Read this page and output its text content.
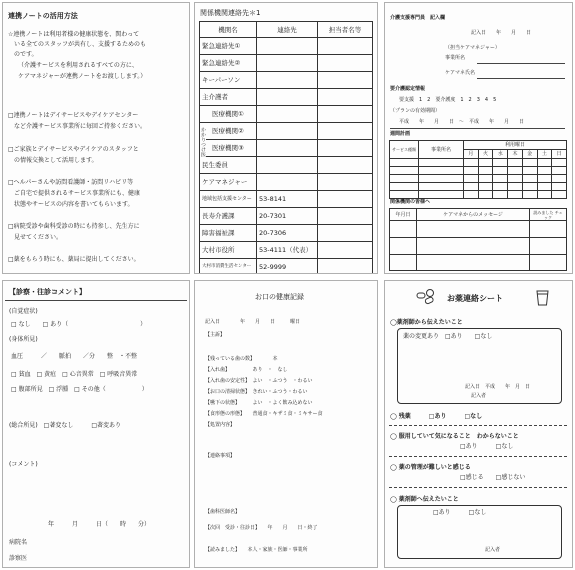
連携ノートの活用方法
☆連携ノートは利用者様の健康状態を、関わって
いる全てのスタッフが共有し、支援するためのも
のです。
（介護サービスを利用されるすべての方に、
ケアマネジャーが連携ノートをお渡しします。）
□連携ノートはデイサービスやデイケアセンター
など介護サービス事業所に毎回ご持参ください。
□ご家族とデイサービスやデイケアのスタッフと
の情報交換として活用します。
□ヘルパーさんや訪問看護師・訪問リハビリ等
ご自宅で提供されるサービス事業所にも、健康
状態やサービスの内容を書いてもらいます。
□病院受診や歯科受診の時にも持参し、先生方に
見せてください。
□薬をもらう時にも、薬局に提出してください。
関係機関連絡先＊1
機関名	連絡先	担当者名等
緊急連絡先①		
緊急連絡先②		
キーパーソン		
主介護者		
医療機関①		
医療機関②		
医療機関③		
民生委員		
ケアマネジャー		
地域包括支援センター	53-8141	
長寿介護課	20-7301	
障害福祉課	20-7306	
大村市役所	53-4111（代表）	
大村市消費生活センター	52-9999	
かかりつけ医
介護支援専門員　記入欄
記入日　　年　　月　　日
（担当ケアマネジャー）
事業所名
ケアマネ氏名
要介護認定情報
要支援　1　2　要介護度　1　2　3　4　5
（プランの有効期間）
平成　　年　　月　　日　〜　平成　　年　　月　　日
週間計画
サービス種類	事業所名	利用曜日						
		月	火	水	木	金	土	日

関係機関の皆様へ
年月日	ケアマネからのメッセージ	読みました チェック

【診察・往診コメント】
(自覚症状)
□ なし　　□ あり（　　　　　　　　　　　　）
(身体所見)
血圧　　　／　　脈拍　　／分　　整　・不整
□ 貧血　□ 黄疸　□ 心音異常　□ 呼吸音異常
□ 腹部所見　□ 浮腫　□ その他（　　　　　　）
(総合所見)　□著変なし　　　□著変あり
(コメント)
年　　　月　　　日（　　時　　分）
病院名
診察医
お口の健康記録
記入日　　　　年　　月　　日　　　曜日
【主訴】
【残っている歯の数】　　　　本
【入れ歯】　　　　　あり　・　なし
【入れ歯の安定性】　よい　・ふつう　・わるい
【お口の清掃状態】　きれい・ふつう・わるい
【嚥下の状態】　　　よい　・よく飲み込めない
【食形態の形態】　　普通食・キザミ食・ミキサー食
【処置内容】
【連絡事項】
【歯科医師名】
【次回　受診・往診日】　　年　　月　　日・終了
【読みました】　　本人・家族・医師・事業所
お薬連絡シート
◯薬剤師から伝えたいこと
薬の変更あり　□あり　　□なし
記入日　平成　　年　月　日
記入者
◯ 残薬　　　□あり　　　□なし
◯ 服用していて気になること　わからないこと
□あり　　　□なし
◯ 薬の管理が難しいと感じる
□感じる　　□感じない
◯ 薬剤師へ伝えたいこと
□あり　　　□なし
記入者
